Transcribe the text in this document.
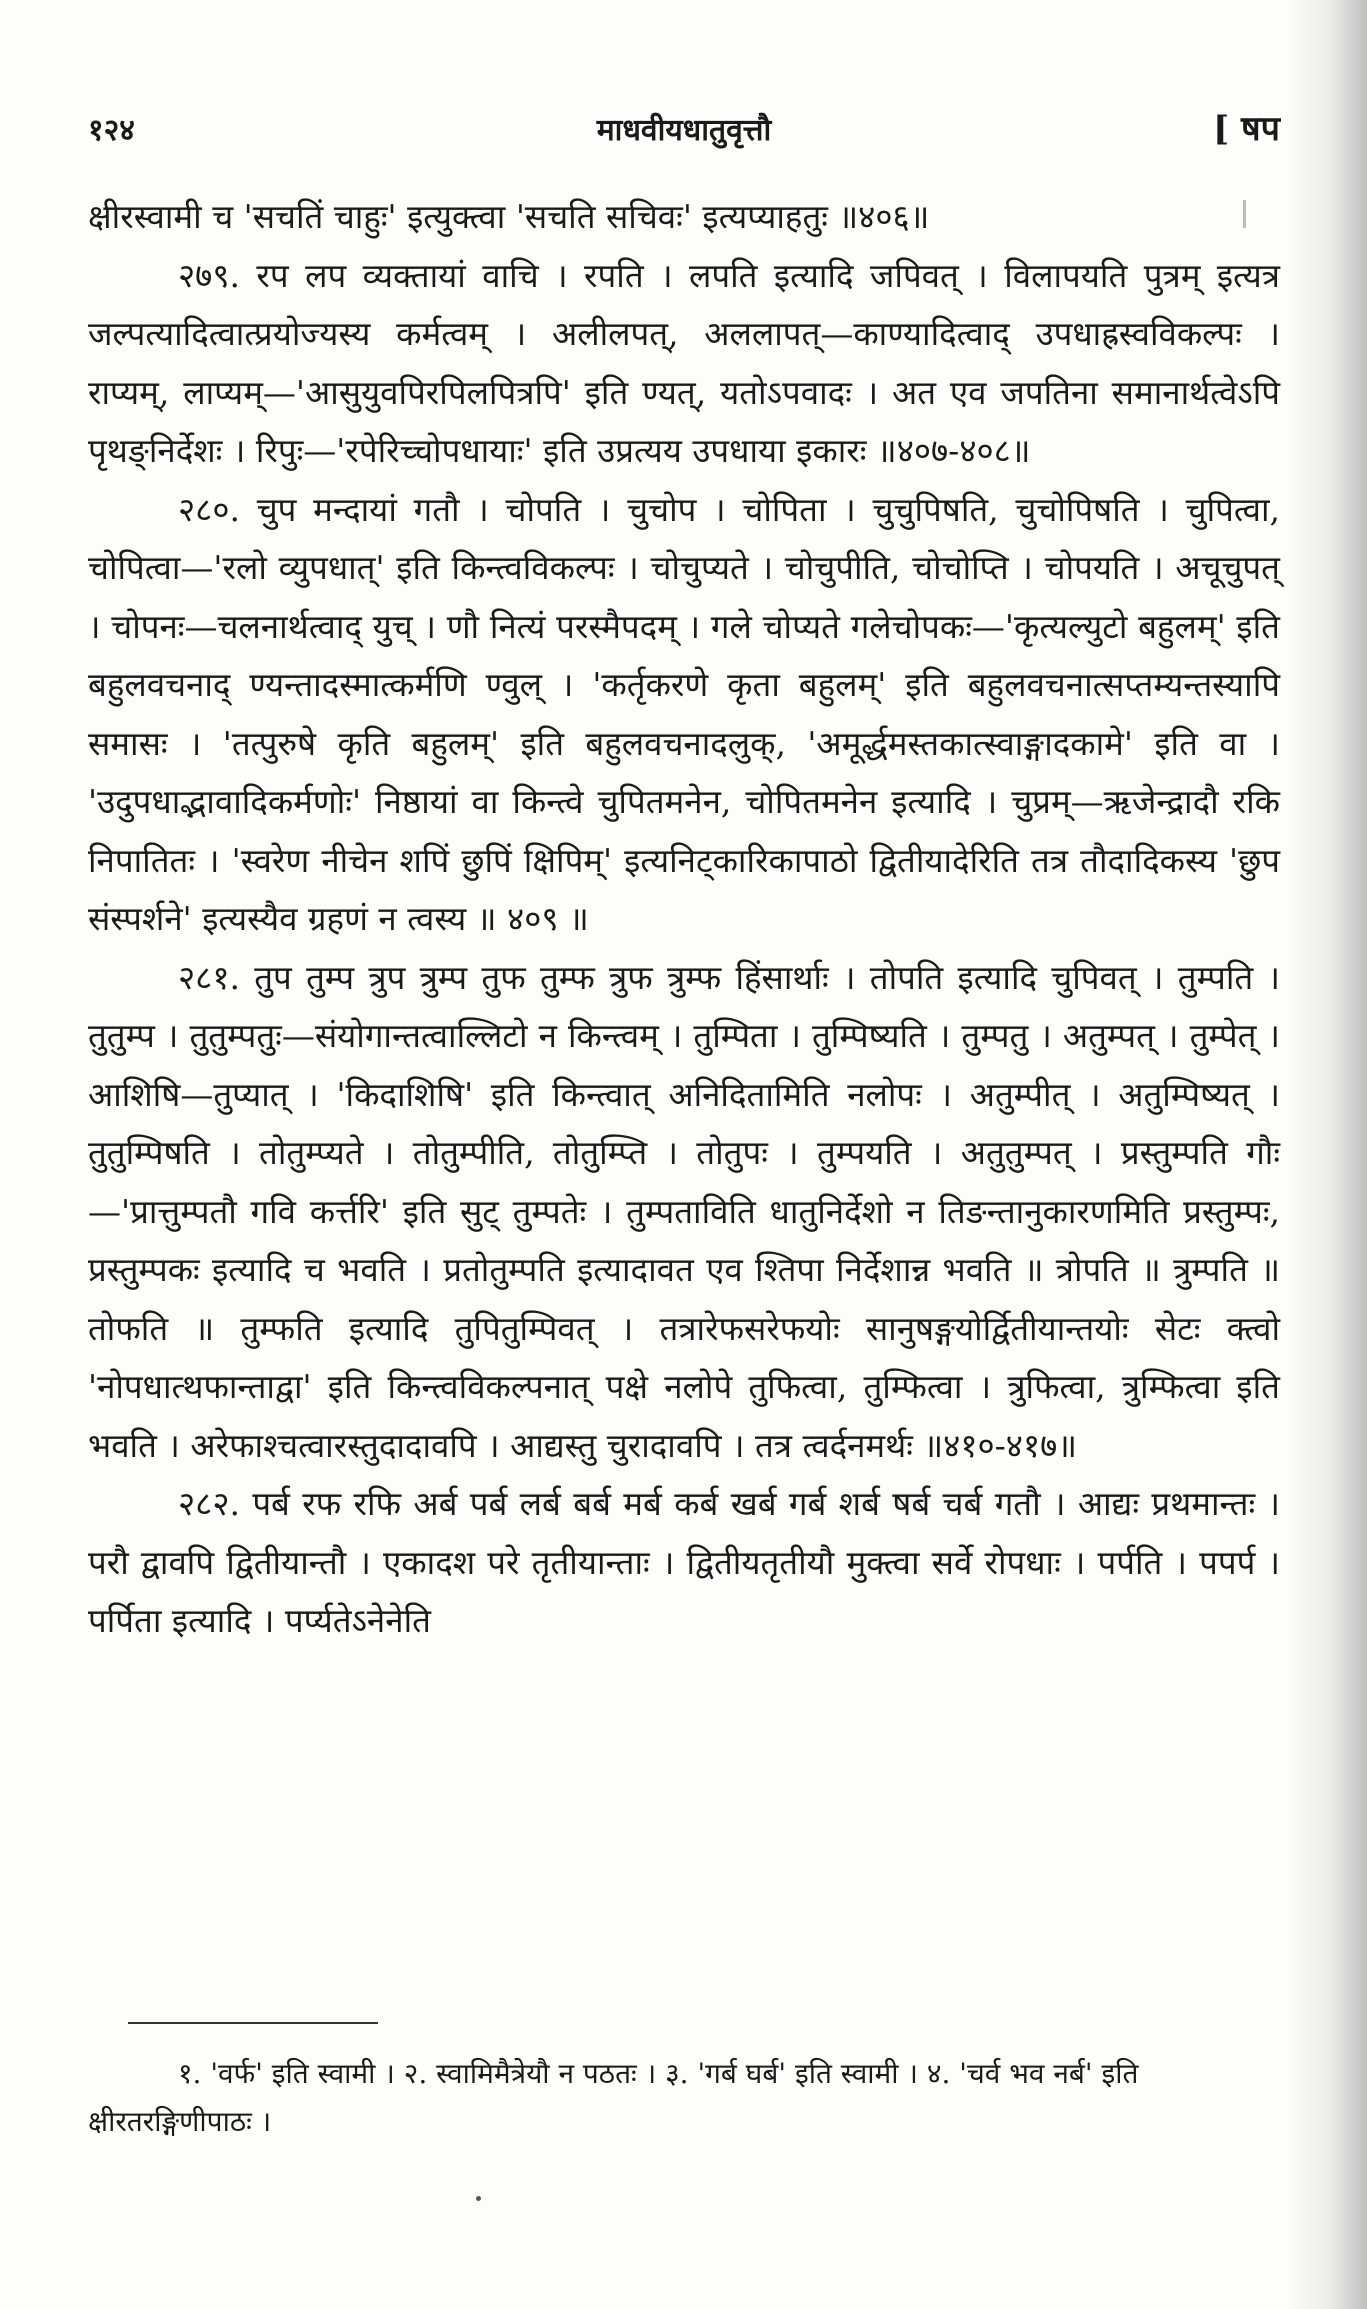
१२४	माधवीयधातुवृत्तौ	[ षप

क्षीरस्वामी च 'सचतिं चाहुः' इत्युक्त्वा 'सचति सचिवः' इत्यप्याहतुः ॥४०६॥

२७९. रप लप व्यक्तायां वाचि । रपति । लपति इत्यादि जपिवत् । विलापयति पुत्रम् इत्यत्र जल्पत्यादित्वात्प्रयोज्यस्य कर्मत्वम् । अलीलपत्, अललापत्—काण्यादित्वाद् उपधाह्रस्वविकल्पः । राप्यम्, लाप्यम्—'आसुयुवपिरपिलपित्रपि' इति ण्यत्, यतोऽपवादः । अत एव जपतिना समानार्थत्वेऽपि पृथङ्निर्देशः । रिपुः—'रपेरिच्चोपधायाः' इति उप्रत्यय उपधाया इकारः ॥४०७-४०८॥

२८०. चुप मन्दायां गतौ । चोपति । चुचोप । चोपिता । चुचुपिषति, चुचोपिषति । चुपित्वा, चोपित्वा—'रलो व्युपधात्' इति किन्त्वविकल्पः । चोचुप्यते । चोचुपीति, चोचोप्ति । चोपयति । अचूचुपत् । चोपनः—चलनार्थत्वाद् युच् । णौ नित्यं परस्मैपदम् । गले चोप्यते गलेचोपकः—'कृत्यल्युटो बहुलम्' इति बहुलवचनाद् ण्यन्तादस्मात्कर्मणि ण्वुल् । 'कर्तृकरणे कृता बहुलम्' इति बहुलवचनात्सप्तम्यन्तस्यापि समासः । 'तत्पुरुषे कृति बहुलम्' इति बहुलवचनादलुक्, 'अमूर्द्धमस्तकात्स्वाङ्गादकामे' इति वा । 'उदुपधाद्भावादिकर्मणोः' निष्ठायां वा किन्त्वे चुपितमनेन, चोपितमनेन इत्यादि । चुप्रम्—ऋजेन्द्रादौ रकि निपातितः । 'स्वरेण नीचेन शपिं छुपिं क्षिपिम्' इत्यनिट्कारिकापाठो द्वितीयादेरिति तत्र तौदादिकस्य 'छुप संस्पर्शने' इत्यस्यैव ग्रहणं न त्वस्य ॥ ४०९ ॥

२८१. तुप तुम्प त्रुप त्रुम्प तुफ तुम्फ त्रुफ त्रुम्फ हिंसार्थाः । तोपति इत्यादि चुपिवत् । तुम्पति । तुतुम्प । तुतुम्पतुः—संयोगान्तत्वाल्लिटो न किन्त्वम् । तुम्पिता । तुम्पिष्यति । तुम्पतु । अतुम्पत् । तुम्पेत् । आशिषि—तुप्यात् । 'किदाशिषि' इति किन्त्वात् अनिदितामिति नलोपः । अतुम्पीत् । अतुम्पिष्यत् । तुतुम्पिषति । तोतुम्प्यते । तोतुम्पीति, तोतुम्प्ति । तोतुपः । तुम्पयति । अतुतुम्पत् । प्रस्तुम्पति गौः—'प्रात्तुम्पतौ गवि कर्त्तरि' इति सुट् तुम्पतेः । तुम्पताविति धातुनिर्देशो न तिङन्तानुकारणमिति प्रस्तुम्पः, प्रस्तुम्पकः इत्यादि च भवति । प्रतोतुम्पति इत्यादावत एव श्तिपा निर्देशान्न भवति ॥ त्रोपति ॥ त्रुम्पति ॥ तोफति ॥ तुम्फति इत्यादि तुपितुम्पिवत् । तत्रारेफसरेफयोः सानुषङ्गयोर्द्वितीयान्तयोः सेटः क्त्वो 'नोपधात्थफान्ताद्वा' इति किन्त्वविकल्पनात् पक्षे नलोपे तुफित्वा, तुम्फित्वा । त्रुफित्वा, त्रुम्फित्वा इति भवति । अरेफाश्चत्वारस्तुदादावपि । आद्यस्तु चुरादावपि । तत्र त्वर्दनमर्थः ॥४१०-४१७॥

२८२. पर्ब रफ रफि अर्ब पर्ब लर्ब बर्ब मर्ब कर्ब खर्ब गर्ब शर्ब षर्ब चर्ब गतौ । आद्यः प्रथमान्तः । परौ द्वावपि द्वितीयान्तौ । एकादश परे तृतीयान्ताः । द्वितीयतृतीयौ मुक्त्वा सर्वे रोपधाः । पर्पति । पपर्प । पर्पिता इत्यादि । पर्प्यतेऽनेनेति

१. 'वर्फ' इति स्वामी । २. स्वामिमैत्रेयौ न पठतः । ३. 'गर्ब घर्ब' इति स्वामी । ४. 'चर्व भव नर्ब' इति क्षीरतरङ्गिणीपाठः ।
